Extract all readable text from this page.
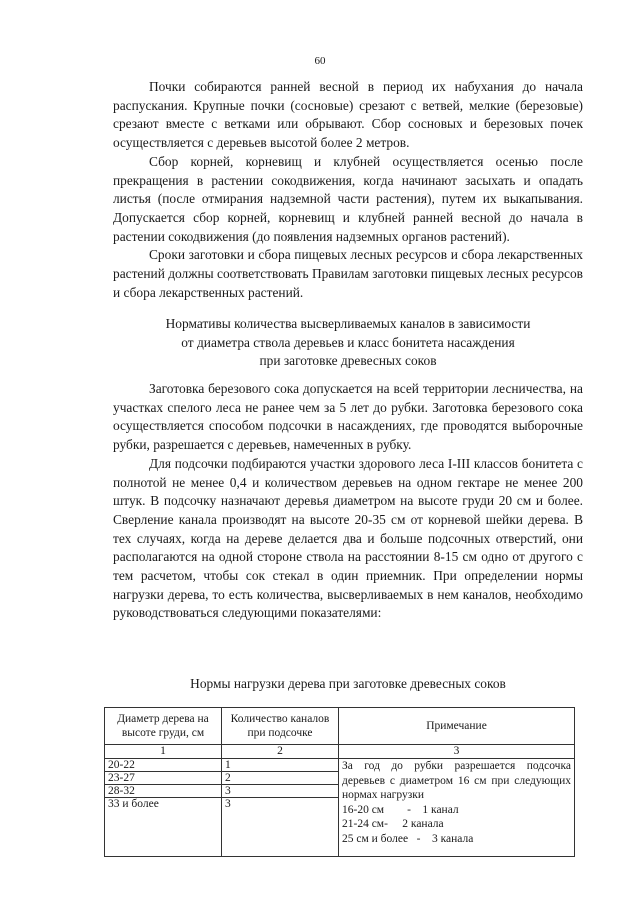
60

Почки собираются ранней весной в период их набухания до начала распускания. Крупные почки (сосновые) срезают с ветвей, мелкие (березовые) срезают вместе с ветками или обрывают. Сбор сосновых и березовых почек осуществляется с деревьев высотой более 2 метров.

Сбор корней, корневищ и клубней осуществляется осенью после прекращения в растении сокодвижения, когда начинают засыхать и опадать листья (после отмирания надземной части растения), путем их выкапывания. Допускается сбор корней, корневищ и клубней ранней весной до начала в растении сокодвижения (до появления надземных органов растений).

Сроки заготовки и сбора пищевых лесных ресурсов и сбора лекарственных растений должны соответствовать Правилам заготовки пищевых лесных ресурсов и сбора лекарственных растений.

Нормативы количества высверливаемых каналов в зависимости
от диаметра ствола деревьев и класс бонитета насаждения
при заготовке древесных соков

Заготовка березового сока допускается на всей территории лесничества, на участках спелого леса не ранее чем за 5 лет до рубки. Заготовка березового сока осуществляется способом подсочки в насаждениях, где проводятся выборочные рубки, разрешается с деревьев, намеченных в рубку.

Для подсочки подбираются участки здорового леса I-III классов бонитета с полнотой не менее 0,4 и количеством деревьев на одном гектаре не менее 200 штук. В подсочку назначают деревья диаметром на высоте груди 20 см и более. Сверление канала производят на высоте 20-35 см от корневой шейки дерева. В тех случаях, когда на дереве делается два и больше подсочных отверстий, они располагаются на одной стороне ствола на расстоянии 8-15 см одно от другого с тем расчетом, чтобы сок стекал в один приемник. При определении нормы нагрузки дерева, то есть количества, высверливаемых в нем каналов, необходимо руководствоваться следующими показателями:

Нормы нагрузки дерева при заготовке древесных соков
Диаметр дерева на высоте груди, см	Количество каналов при подсочке	Примечание
1	2	3
20-22	1	За год до рубки разрешается подсочка деревьев с диаметром 16 см при следующих нормах нагрузки
16-20 см        -    1 канал
21-24 см-     2 канала
25 см и более   -    3 канала

23-27	2	
28-32	3	
33 и более	3	
